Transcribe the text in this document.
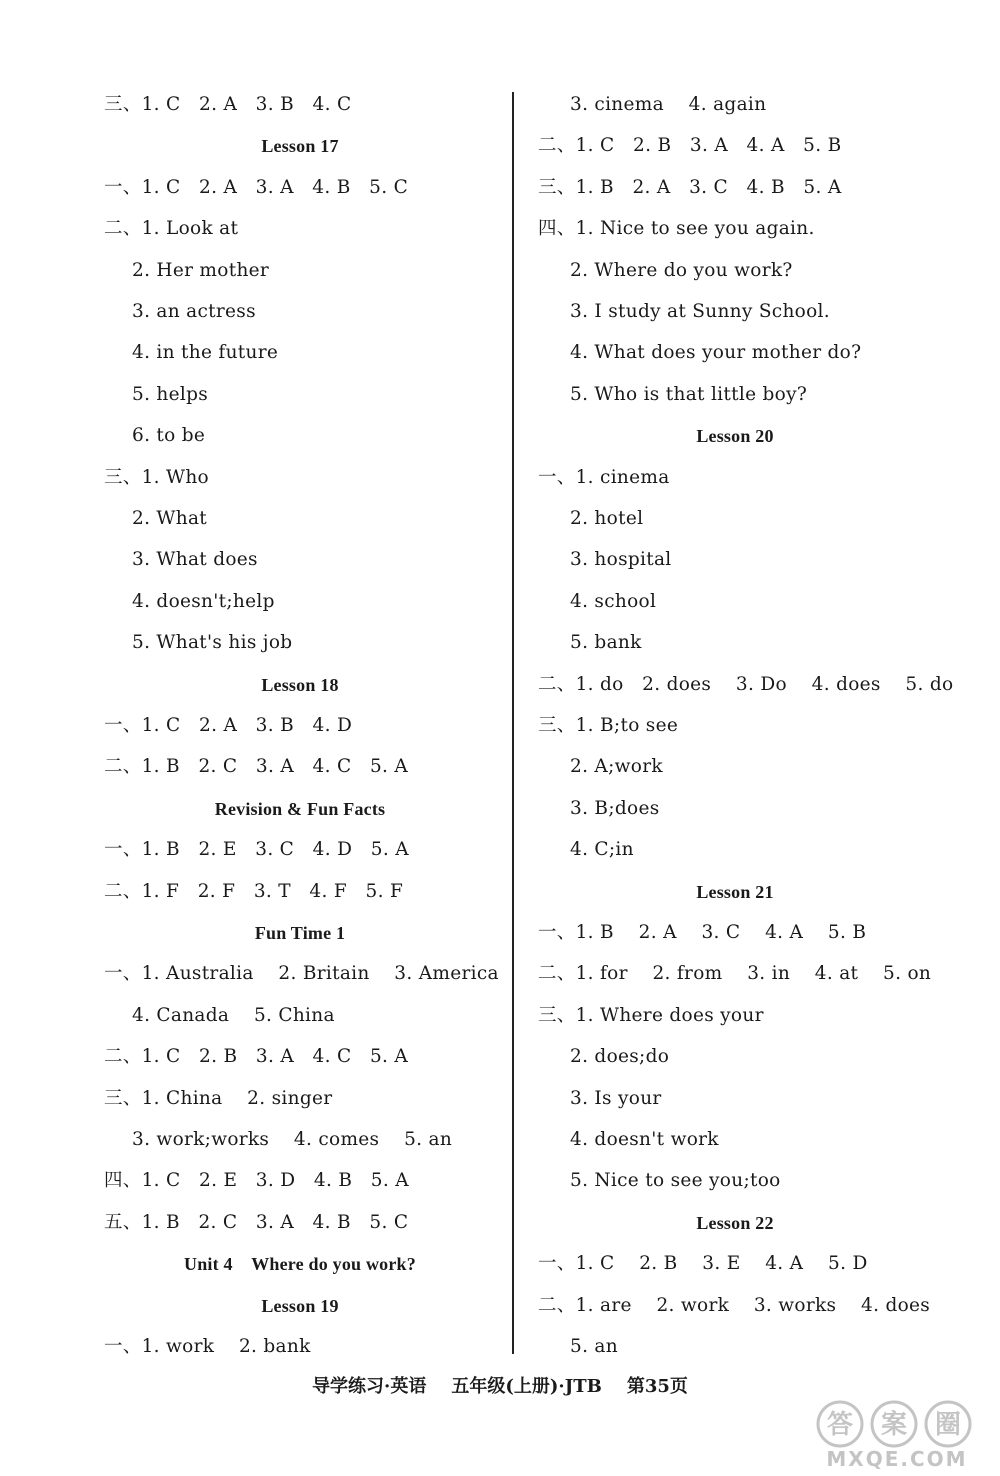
三、1. C   2. A   3. B   4. C
Lesson 17
一、1. C   2. A   3. A   4. B   5. C
二、1. Look at
2. Her mother
3. an actress
4. in the future
5. helps
6. to be
三、1. Who
2. What
3. What does
4. doesn't;help
5. What's his job
Lesson 18
一、1. C   2. A   3. B   4. D
二、1. B   2. C   3. A   4. C   5. A
Revision & Fun Facts
一、1. B   2. E   3. C   4. D   5. A
二、1. F   2. F   3. T   4. F   5. F
Fun Time 1
一、1. Australia    2. Britain    3. America
4. Canada    5. China
二、1. C   2. B   3. A   4. C   5. A
三、1. China    2. singer
3. work;works    4. comes    5. an
四、1. C   2. E   3. D   4. B   5. A
五、1. B   2. C   3. A   4. B   5. C
Unit 4    Where do you work?
Lesson 19
一、1. work    2. bank
3. cinema    4. again
二、1. C   2. B   3. A   4. A   5. B
三、1. B   2. A   3. C   4. B   5. A
四、1. Nice to see you again.
2. Where do you work?
3. I study at Sunny School.
4. What does your mother do?
5. Who is that little boy?
Lesson 20
一、1. cinema
2. hotel
3. hospital
4. school
5. bank
二、1. do   2. does    3. Do    4. does    5. do
三、1. B;to see
2. A;work
3. B;does
4. C;in
Lesson 21
一、1. B    2. A    3. C    4. A    5. B
二、1. for    2. from    3. in    4. at    5. on
三、1. Where does your
2. does;do
3. Is your
4. doesn't work
5. Nice to see you;too
Lesson 22
一、1. C    2. B    3. E    4. A    5. D
二、1. are    2. work    3. works    4. does
5. an
导学练习·英语    五年级(上册)·JTB    第35页
答 案 圈
MXQE.COM
